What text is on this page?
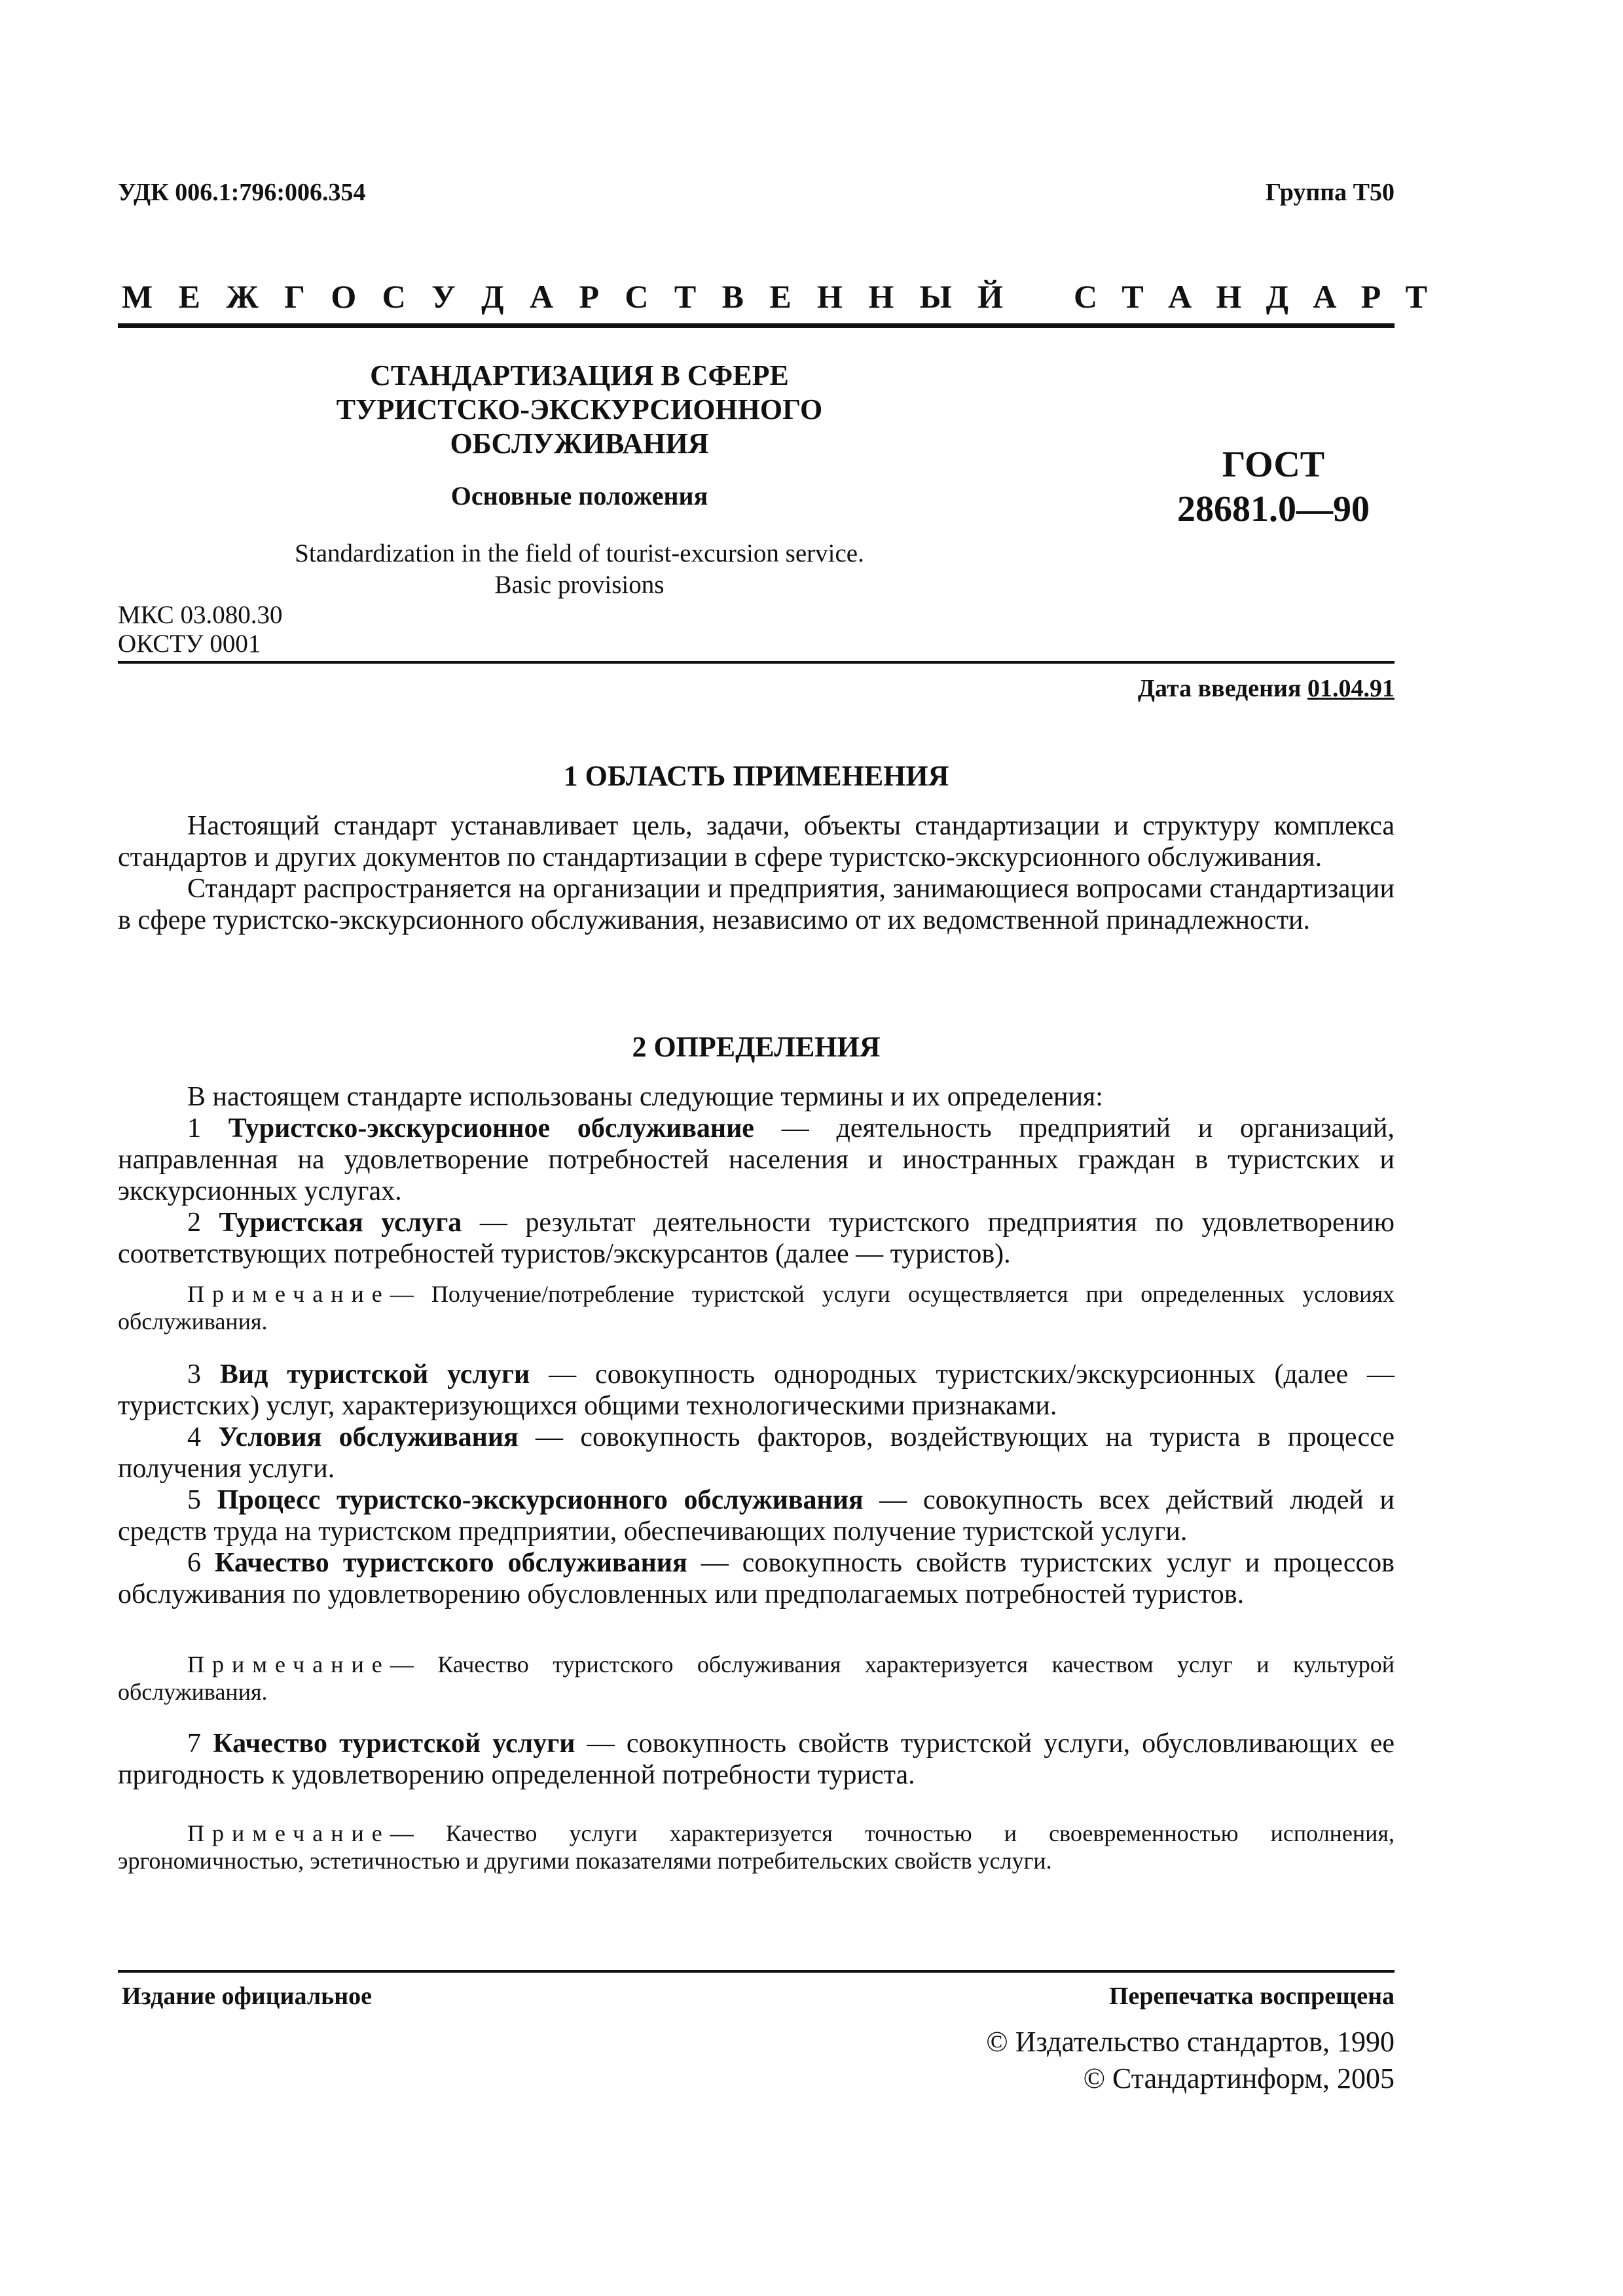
УДК 006.1:796:006.354	Группа Т50
М Е Ж Г О С У Д А Р С Т В Е Н Н Ы Й С Т А Н Д А Р Т
СТАНДАРТИЗАЦИЯ В СФЕРЕ
ТУРИСТСКО-ЭКСКУРСИОННОГО
ОБСЛУЖИВАНИЯ
Основные положения
ГОСТ
28681.0—90
Standardization in the field of tourist-excursion service.
Basic provisions
МКС 03.080.30
ОКСТУ 0001
Дата введения 01.04.91
1 ОБЛАСТЬ ПРИМЕНЕНИЯ

Настоящий стандарт устанавливает цель, задачи, объекты стандартизации и структуру комплекса стандартов и других документов по стандартизации в сфере туристско-экскурсионного обслуживания.

Стандарт распространяется на организации и предприятия, занимающиеся вопросами стандартизации в сфере туристско-экскурсионного обслуживания, независимо от их ведомственной принадлежности.

2 ОПРЕДЕЛЕНИЯ

В настоящем стандарте использованы следующие термины и их определения:

1 Туристско-экскурсионное обслуживание — деятельность предприятий и организаций, направленная на удовлетворение потребностей населения и иностранных граждан в туристских и экскурсионных услугах.

2 Туристская услуга — результат деятельности туристского предприятия по удовлетворению соответствующих потребностей туристов/экскурсантов (далее — туристов).

Примечание— Получение/потребление туристской услуги осуществляется при определенных условиях обслуживания.

3 Вид туристской услуги — совокупность однородных туристских/экскурсионных (далее — туристских) услуг, характеризующихся общими технологическими признаками.

4 Условия обслуживания — совокупность факторов, воздействующих на туриста в процессе получения услуги.

5 Процесс туристско-экскурсионного обслуживания — совокупность всех действий людей и средств труда на туристском предприятии, обеспечивающих получение туристской услуги.

6 Качество туристского обслуживания — совокупность свойств туристских услуг и процессов обслуживания по удовлетворению обусловленных или предполагаемых потребностей туристов.

Примечание— Качество туристского обслуживания характеризуется качеством услуг и культурой обслуживания.

7 Качество туристской услуги — совокупность свойств туристской услуги, обусловливающих ее пригодность к удовлетворению определенной потребности туриста.

Примечание— Качество услуги характеризуется точностью и своевременностью исполнения, эргономичностью, эстетичностью и другими показателями потребительских свойств услуги.

Издание официальное	Перепечатка воспрещена
© Издательство стандартов, 1990
© Стандартинформ, 2005
